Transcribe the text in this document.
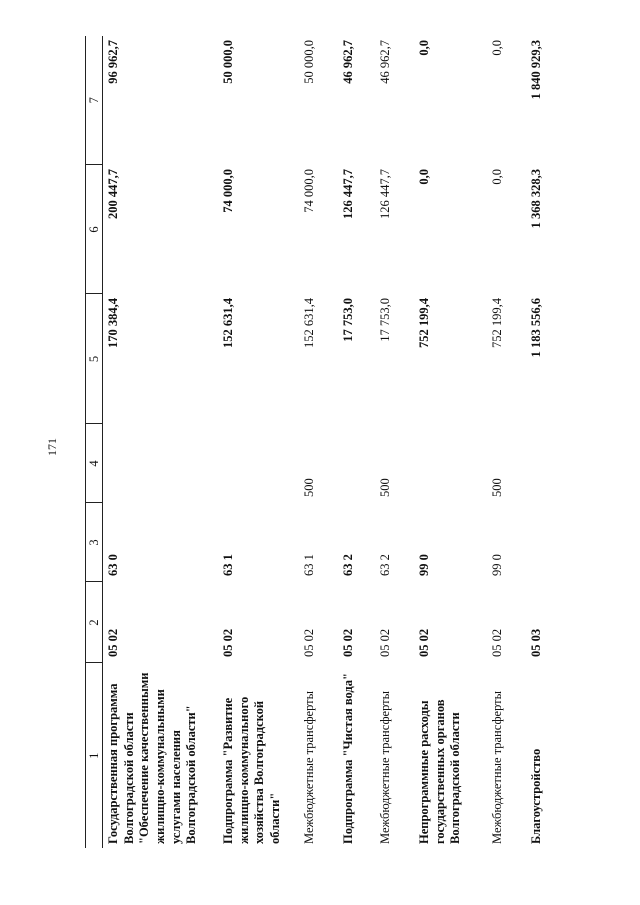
171
1	2	3	4	5	6	7
Государственная программа Волгоградской области "Обеспечение качественными жилищно-коммунальными услугами населения Волгоградской области"	05 02	63 0		170 384,4	200 447,7	96 962,7
Подпрограмма "Развитие жилищно-коммунального хозяйства Волгоградской области"	05 02	63 1		152 631,4	74 000,0	50 000,0
Межбюджетные трансферты	05 02	63 1	500	152 631,4	74 000,0	50 000,0
Подпрограмма "Чистая вода"	05 02	63 2		17 753,0	126 447,7	46 962,7
Межбюджетные трансферты	05 02	63 2	500	17 753,0	126 447,7	46 962,7
Непрограммные расходы государственных органов Волгоградской области	05 02	99 0		752 199,4	0,0	0,0
Межбюджетные трансферты	05 02	99 0	500	752 199,4	0,0	0,0
Благоустройство	05 03			1 183 556,6	1 368 328,3	1 840 929,3
